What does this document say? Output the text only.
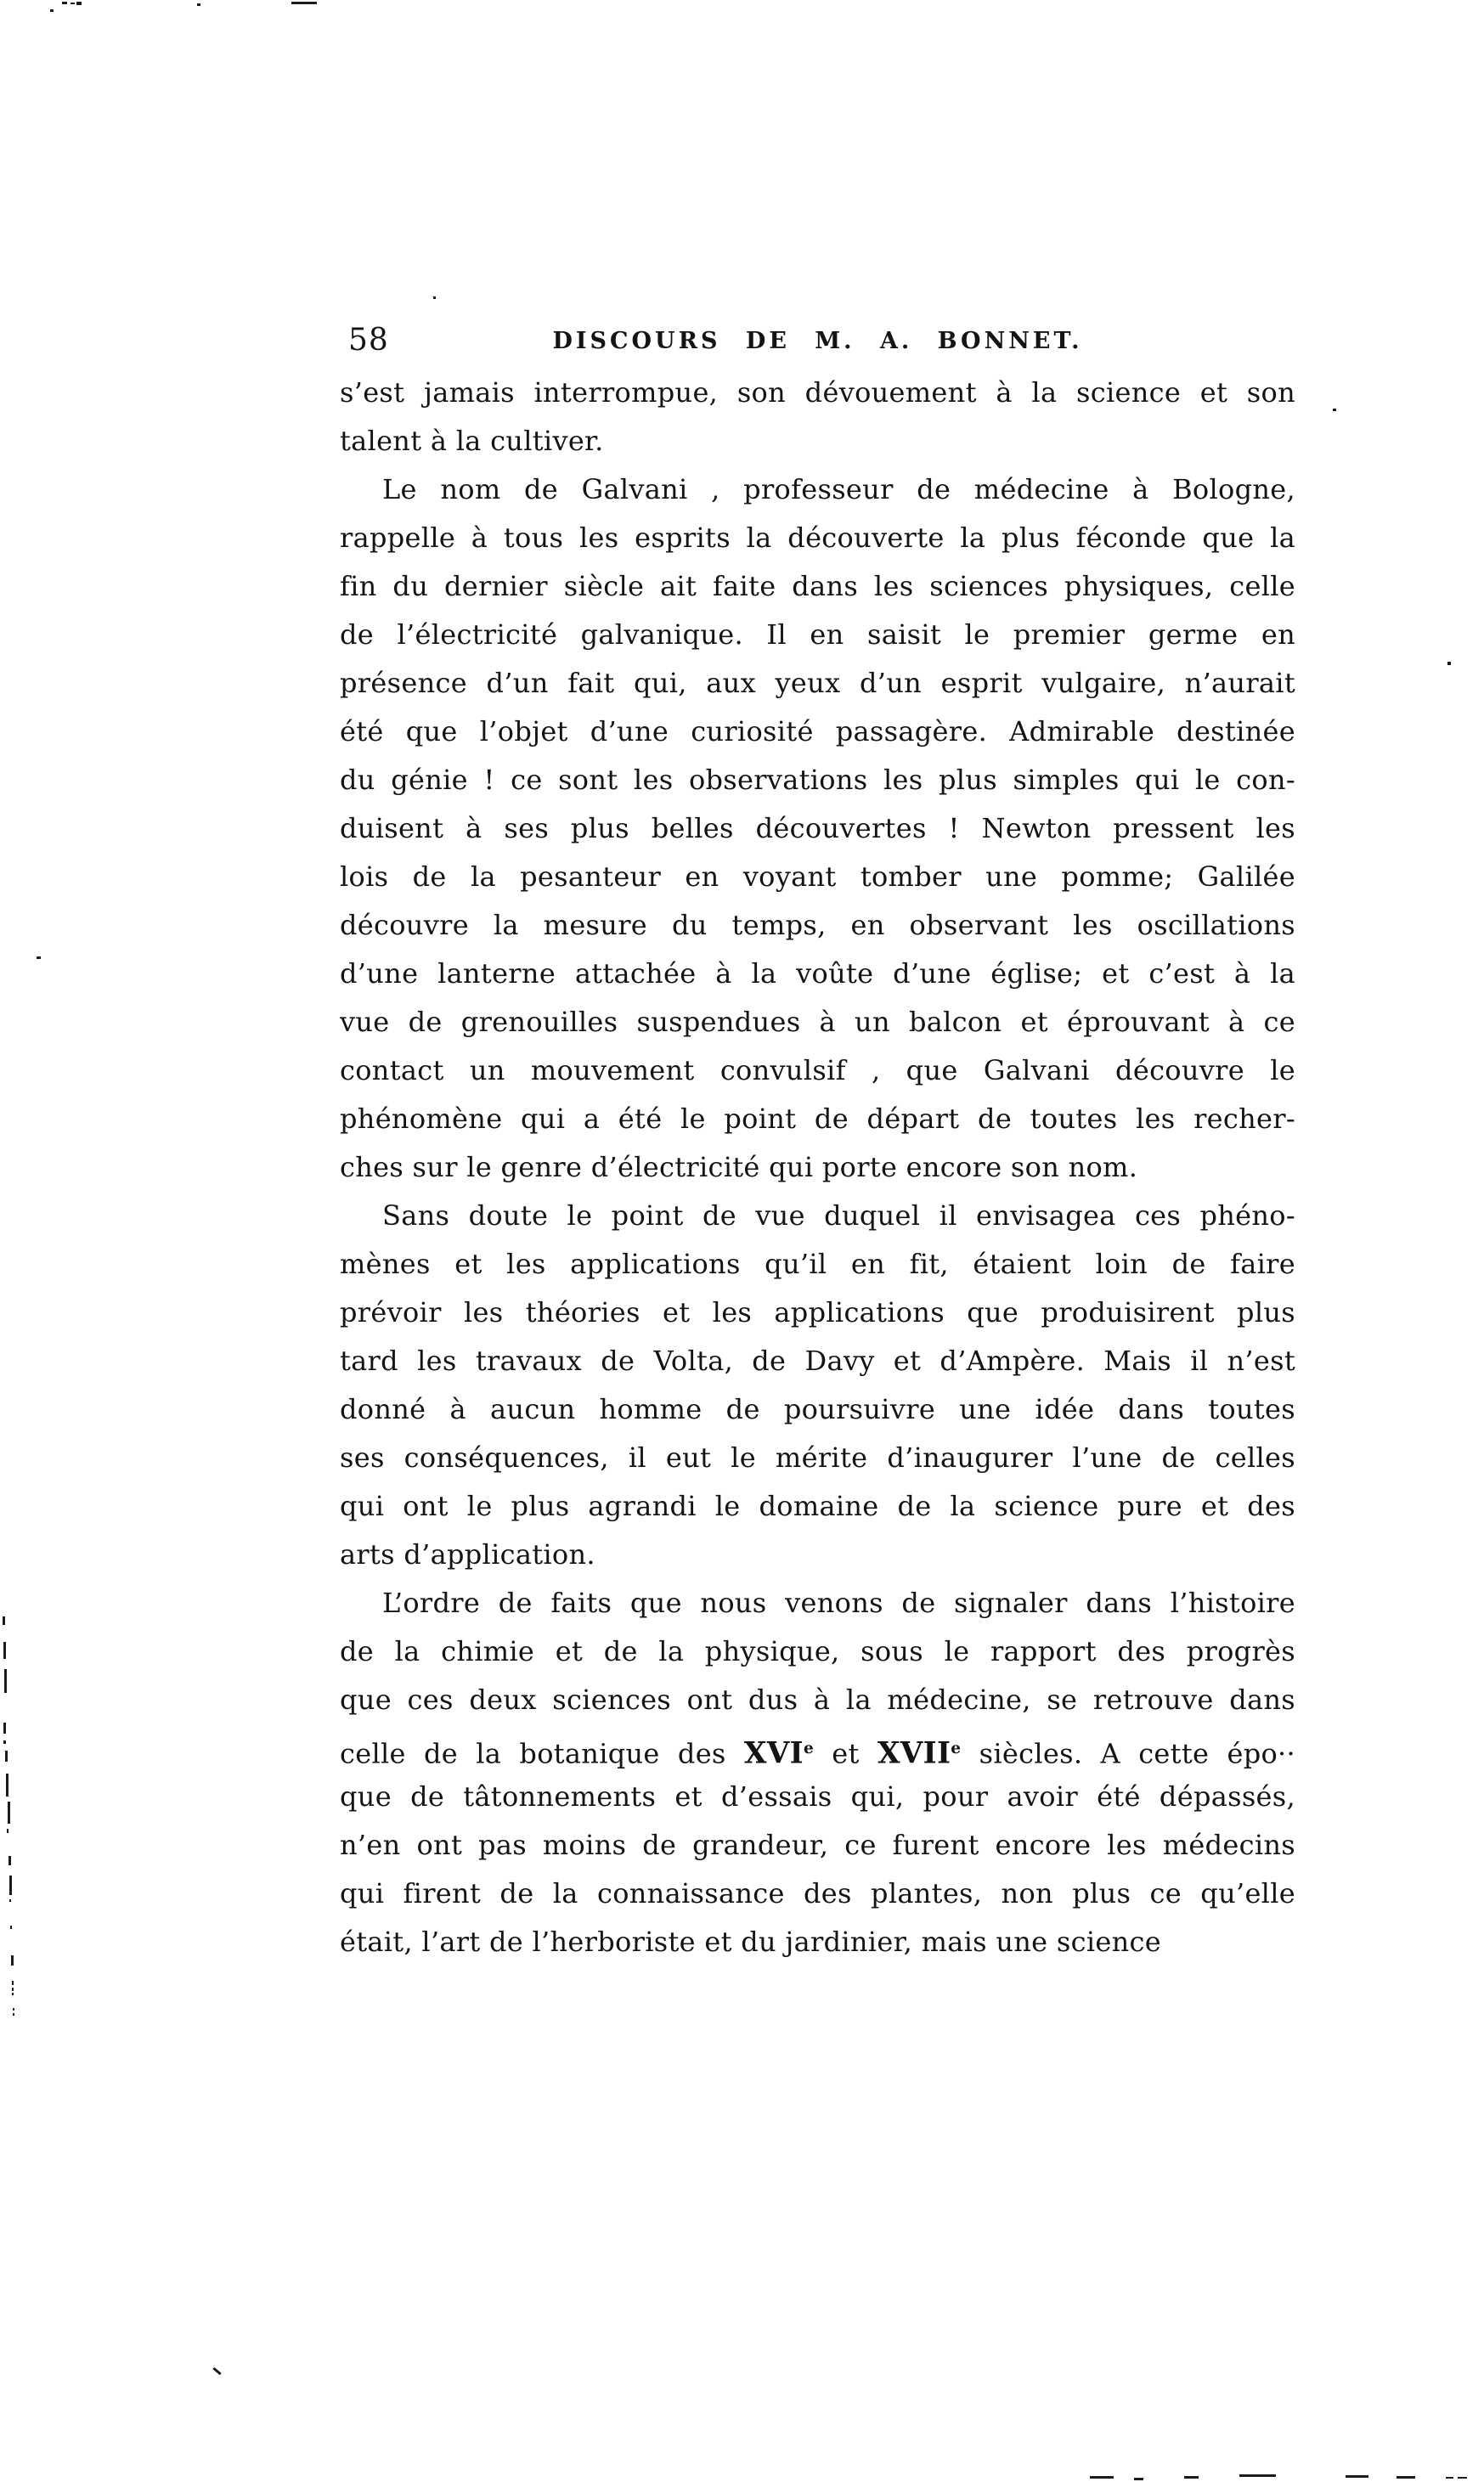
58	DISCOURS DE M. A. BONNET.
s’est jamais interrompue, son dévouement à la science et son
talent à la cultiver.
Le nom de Galvani , professeur de médecine à Bologne,
rappelle à tous les esprits la découverte la plus féconde que la
fin du dernier siècle ait faite dans les sciences physiques, celle
de l’électricité galvanique. Il en saisit le premier germe en
présence d’un fait qui, aux yeux d’un esprit vulgaire, n’aurait
été que l’objet d’une curiosité passagère. Admirable destinée
du génie ! ce sont les observations les plus simples qui le con-
duisent à ses plus belles découvertes ! Newton pressent les
lois de la pesanteur en voyant tomber une pomme; Galilée
découvre la mesure du temps, en observant les oscillations
d’une lanterne attachée à la voûte d’une église; et c’est à la
vue de grenouilles suspendues à un balcon et éprouvant à ce
contact un mouvement convulsif , que Galvani découvre le
phénomène qui a été le point de départ de toutes les recher-
ches sur le genre d’électricité qui porte encore son nom.
Sans doute le point de vue duquel il envisagea ces phéno-
mènes et les applications qu’il en fit, étaient loin de faire
prévoir les théories et les applications que produisirent plus
tard les travaux de Volta, de Davy et d’Ampère. Mais il n’est
donné à aucun homme de poursuivre une idée dans toutes
ses conséquences, il eut le mérite d’inaugurer l’une de celles
qui ont le plus agrandi le domaine de la science pure et des
arts d’application.
L’ordre de faits que nous venons de signaler dans l’histoire
de la chimie et de la physique, sous le rapport des progrès
que ces deux sciences ont dus à la médecine, se retrouve dans
celle de la botanique des XVIe et XVIIe siècles. A cette épo··
que de tâtonnements et d’essais qui, pour avoir été dépassés,
n’en ont pas moins de grandeur, ce furent encore les médecins
qui firent de la connaissance des plantes, non plus ce qu’elle
était, l’art de l’herboriste et du jardinier, mais une science
